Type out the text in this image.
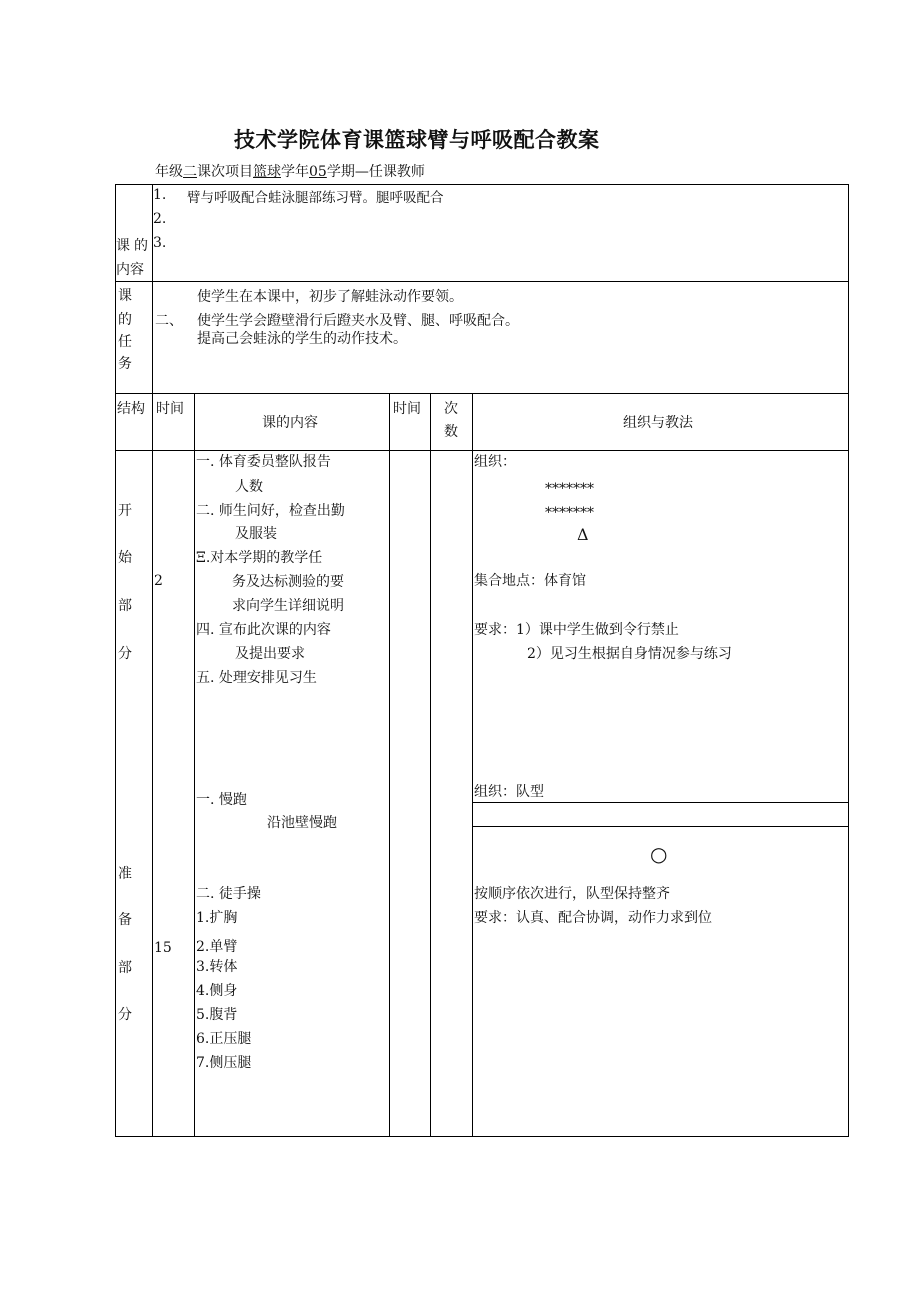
技术学院体育课篮球臂与呼吸配合教案
年级二课次项目篮球学年05学期—任课教师
课 的
内容
1. 臂与呼吸配合蛙泳腿部练习臂。腿呼吸配合
2.
3.
课
的
任
务
二、
使学生在本课中，初步了解蛙泳动作要领。
使学生学会蹬壁滑行后蹬夹水及臂、腿、呼吸配合。
提高己会蛙泳的学生的动作技术。
结构 时间
课的内容
时间 次
数
组织与教法
开
始
部
分
2
一. 体育委员整队报告
人数
二. 师生问好，检查出勤
及服装
Ξ.对本学期的教学任
务及达标测验的要
求向学生详细说明
四. 宣布此次课的内容
及提出要求
五. 处理安排见习生
组织：
*******
*******
Δ
集合地点：体育馆
要求：1）课中学生做到令行禁止
2）见习生根据自身情况参与练习
准
备
部
分
15
一. 慢跑
沿池壁慢跑
二. 徒手操
1.扩胸
2.单臂
3.转体
4.侧身
5.腹背
6.正压腿
7.侧压腿
组织：队型
○
按顺序依次进行，队型保持整齐
要求：认真、配合协调，动作力求到位
